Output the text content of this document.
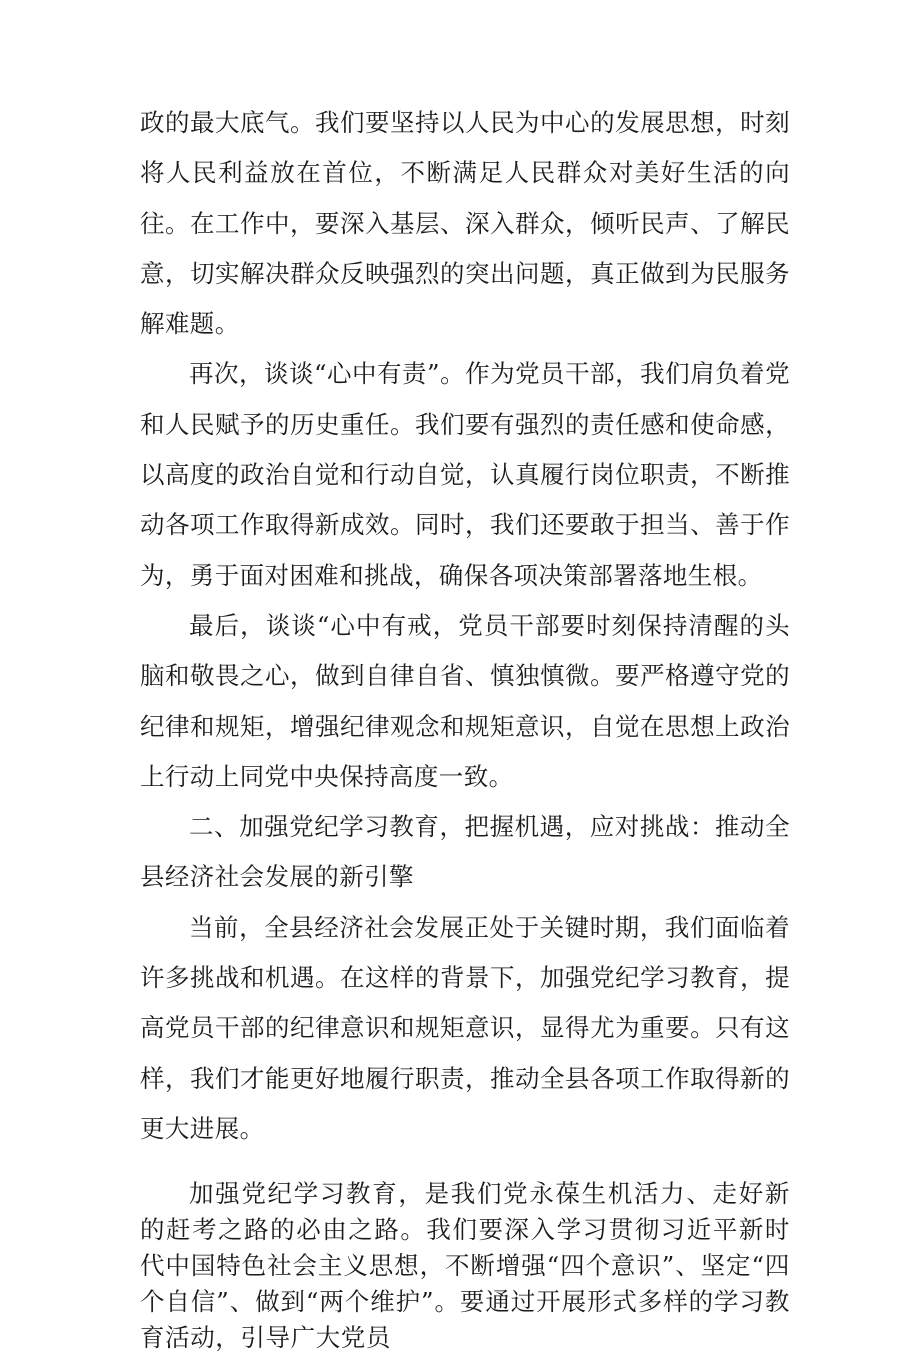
政的最大底气。我们要坚持以人民为中心的发展思想，时刻将人民利益放在首位，不断满足人民群众对美好生活的向往。在工作中，要深入基层、深入群众，倾听民声、了解民意，切实解决群众反映强烈的突出问题，真正做到为民服务解难题。

再次，谈谈“心中有责”。作为党员干部，我们肩负着党和人民赋予的历史重任。我们要有强烈的责任感和使命感，以高度的政治自觉和行动自觉，认真履行岗位职责，不断推动各项工作取得新成效。同时，我们还要敢于担当、善于作为，勇于面对困难和挑战，确保各项决策部署落地生根。

最后，谈谈“心中有戒，党员干部要时刻保持清醒的头脑和敬畏之心，做到自律自省、慎独慎微。要严格遵守党的纪律和规矩，增强纪律观念和规矩意识，自觉在思想上政治上行动上同党中央保持高度一致。

二、加强党纪学习教育，把握机遇，应对挑战：推动全县经济社会发展的新引擎

当前，全县经济社会发展正处于关键时期，我们面临着许多挑战和机遇。在这样的背景下，加强党纪学习教育，提高党员干部的纪律意识和规矩意识，显得尤为重要。只有这样，我们才能更好地履行职责，推动全县各项工作取得新的更大进展。

加强党纪学习教育，是我们党永葆生机活力、走好新的赶考之路的必由之路。我们要深入学习贯彻习近平新时代中国特色社会主义思想，不断增强“四个意识”、坚定“四个自信”、做到“两个维护”。要通过开展形式多样的学习教育活动，引导广大党员
